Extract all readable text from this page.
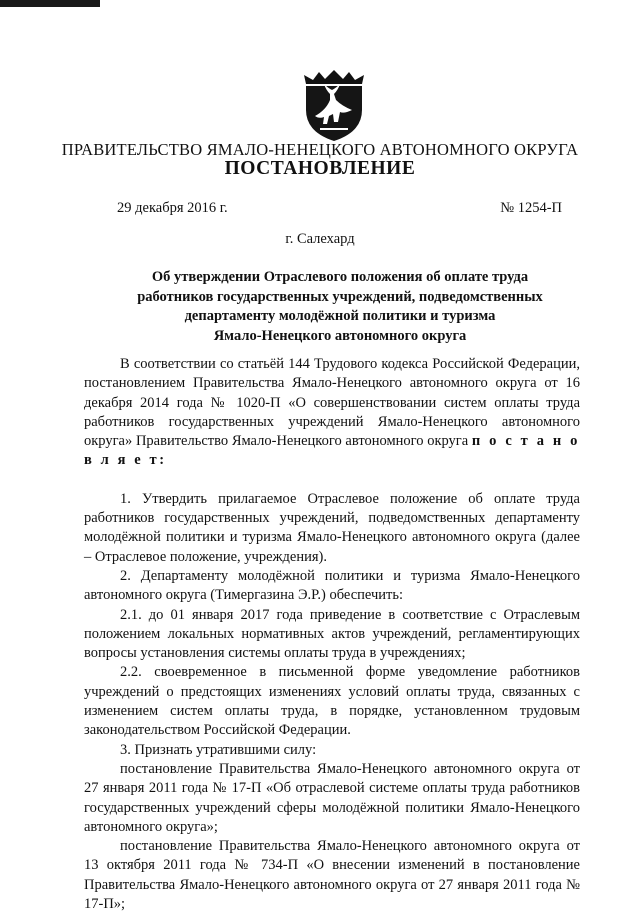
ПРАВИТЕЛЬСТВО ЯМАЛО-НЕНЕЦКОГО АВТОНОМНОГО ОКРУГА
ПОСТАНОВЛЕНИЕ
29 декабря 2016 г.	№ 1254-П
г. Салехард
Об утверждении Отраслевого положения об оплате труда
работников государственных учреждений, подведомственных
департаменту молодёжной политики и туризма
Ямало-Ненецкого автономного округа

В соответствии со статьёй 144 Трудового кодекса Российской Федерации, постановлением Правительства Ямало-Ненецкого автономного округа от 16 декабря 2014 года № 1020-П «О совершенствовании систем оплаты труда работников государственных учреждений Ямало-Ненецкого автономного округа» Правительство Ямало-Ненецкого автономного округа п о с т а н о в л я е т:

1. Утвердить прилагаемое Отраслевое положение об оплате труда работников государственных учреждений, подведомственных департаменту молодёжной политики и туризма Ямало-Ненецкого автономного округа (далее – Отраслевое положение, учреждения).

2. Департаменту молодёжной политики и туризма Ямало-Ненецкого автономного округа (Тимергазина Э.Р.) обеспечить:

2.1. до 01 января 2017 года приведение в соответствие с Отраслевым положением локальных нормативных актов учреждений, регламентирующих вопросы установления системы оплаты труда в учреждениях;

2.2. своевременное в письменной форме уведомление работников учреждений о предстоящих изменениях условий оплаты труда, связанных с изменением систем оплаты труда, в порядке, установленном трудовым законодательством Российской Федерации.

3. Признать утратившими силу:

постановление Правительства Ямало-Ненецкого автономного округа от 27 января 2011 года № 17-П «Об отраслевой системе оплаты труда работников государственных учреждений сферы молодёжной политики Ямало-Ненецкого автономного округа»;

постановление Правительства Ямало-Ненецкого автономного округа от 13 октября 2011 года № 734-П «О внесении изменений в постановление Правительства Ямало-Ненецкого автономного округа от 27 января 2011 года № 17-П»;
